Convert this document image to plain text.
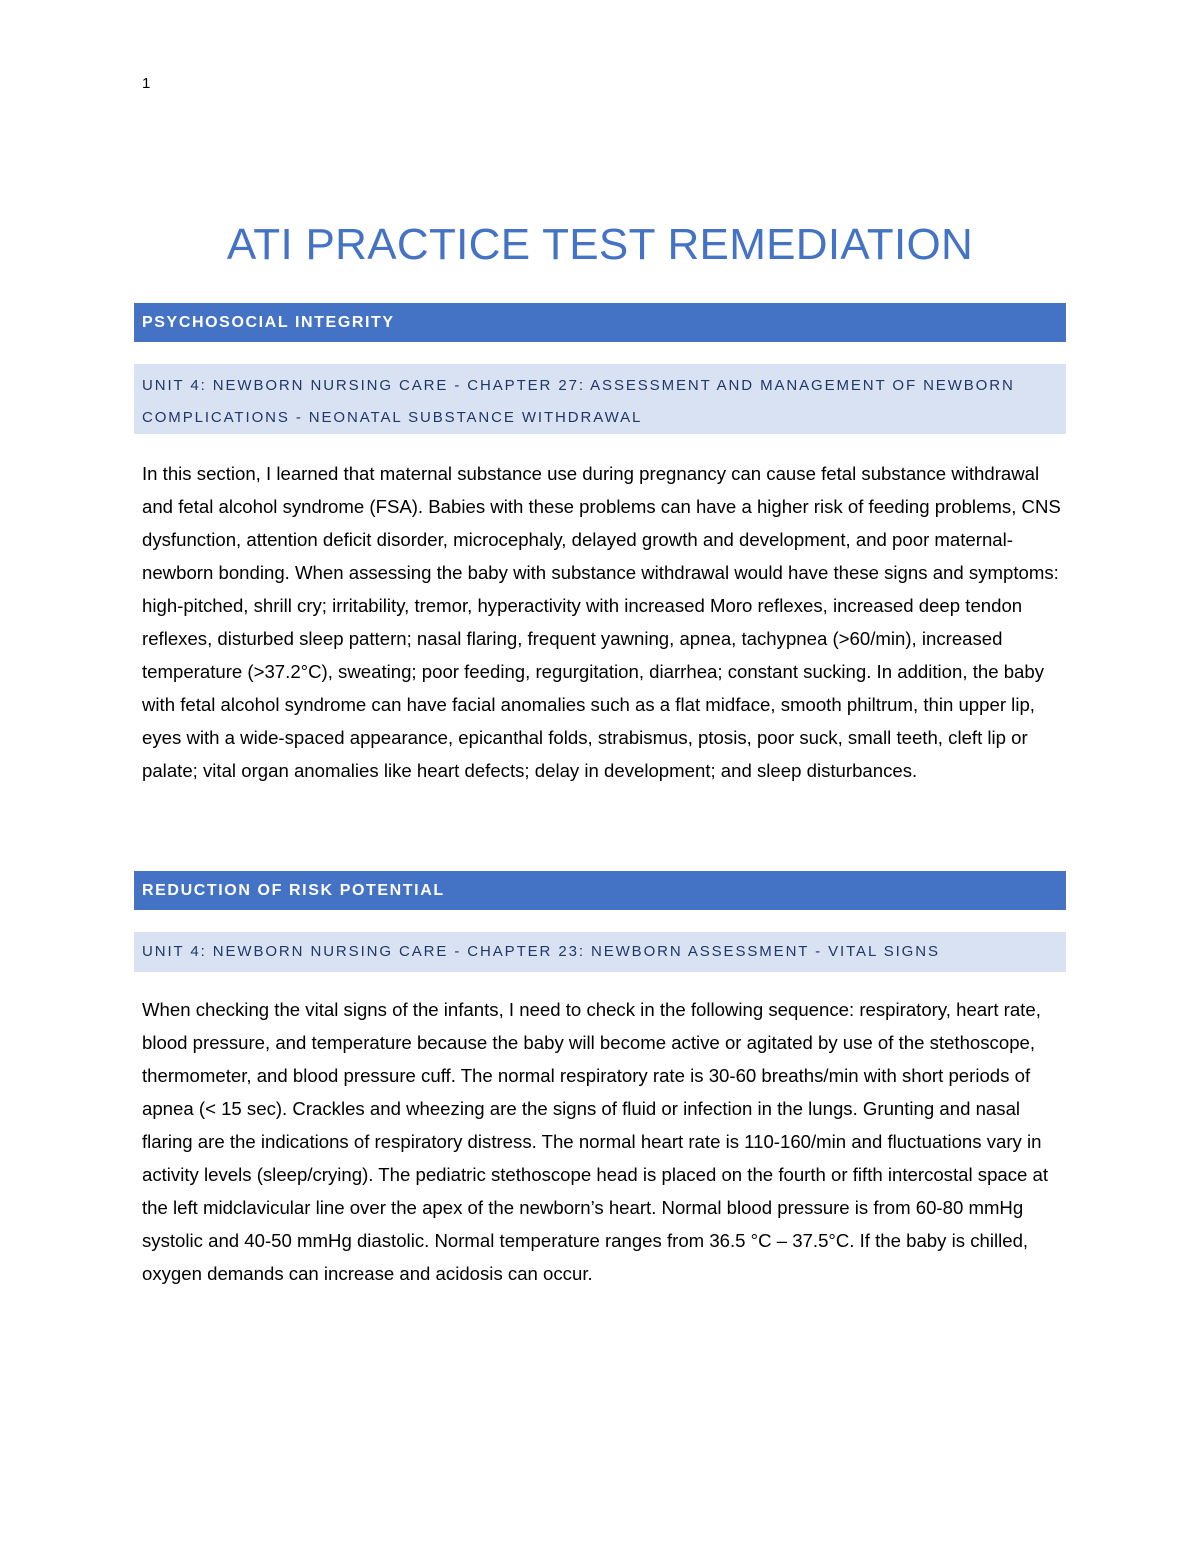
1
ATI PRACTICE TEST REMEDIATION
PSYCHOSOCIAL INTEGRITY
UNIT 4: NEWBORN NURSING CARE - CHAPTER 27: ASSESSMENT AND MANAGEMENT OF NEWBORN COMPLICATIONS - NEONATAL SUBSTANCE WITHDRAWAL

In this section, I learned that maternal substance use during pregnancy can cause fetal substance withdrawal and fetal alcohol syndrome (FSA). Babies with these problems can have a higher risk of feeding problems, CNS dysfunction, attention deficit disorder, microcephaly, delayed growth and development, and poor maternal-newborn bonding. When assessing the baby with substance withdrawal would have these signs and symptoms: high-pitched, shrill cry; irritability, tremor, hyperactivity with increased Moro reflexes, increased deep tendon reflexes, disturbed sleep pattern; nasal flaring, frequent yawning, apnea, tachypnea (>60/min), increased temperature (>37.2°C), sweating; poor feeding, regurgitation, diarrhea; constant sucking. In addition, the baby with fetal alcohol syndrome can have facial anomalies such as a flat midface, smooth philtrum, thin upper lip, eyes with a wide-spaced appearance, epicanthal folds, strabismus, ptosis, poor suck, small teeth, cleft lip or palate; vital organ anomalies like heart defects; delay in development; and sleep disturbances.

REDUCTION OF RISK POTENTIAL
UNIT 4: NEWBORN NURSING CARE - CHAPTER 23: NEWBORN ASSESSMENT - VITAL SIGNS

When checking the vital signs of the infants, I need to check in the following sequence: respiratory, heart rate, blood pressure, and temperature because the baby will become active or agitated by use of the stethoscope, thermometer, and blood pressure cuff. The normal respiratory rate is 30-60 breaths/min with short periods of apnea (< 15 sec). Crackles and wheezing are the signs of fluid or infection in the lungs. Grunting and nasal flaring are the indications of respiratory distress. The normal heart rate is 110-160/min and fluctuations vary in activity levels (sleep/crying). The pediatric stethoscope head is placed on the fourth or fifth intercostal space at the left midclavicular line over the apex of the newborn’s heart. Normal blood pressure is from 60-80 mmHg systolic and 40-50 mmHg diastolic. Normal temperature ranges from 36.5 °C – 37.5°C. If the baby is chilled, oxygen demands can increase and acidosis can occur.
